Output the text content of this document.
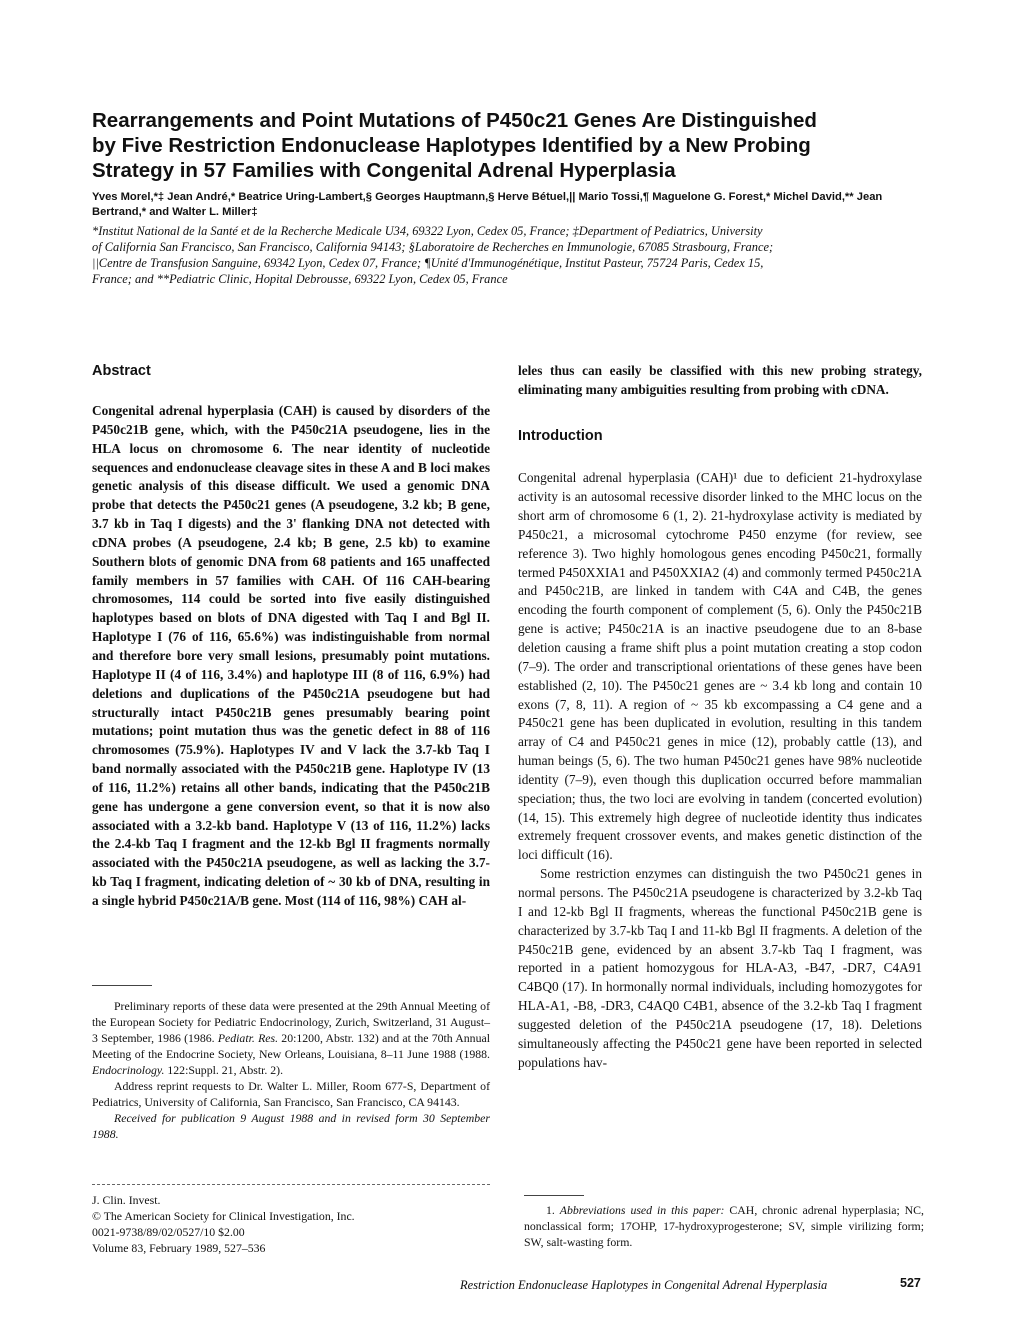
Rearrangements and Point Mutations of P450c21 Genes Are Distinguished
by Five Restriction Endonuclease Haplotypes Identified by a New Probing
Strategy in 57 Families with Congenital Adrenal Hyperplasia

Yves Morel,*‡ Jean André,* Beatrice Uring-Lambert,§ Georges Hauptmann,§ Herve Bétuel,|| Mario Tossi,¶ Maguelone G. Forest,* Michel David,** Jean Bertrand,* and Walter L. Miller‡

*Institut National de la Santé et de la Recherche Medicale U34, 69322 Lyon, Cedex 05, France; ‡Department of Pediatrics, University
of California San Francisco, San Francisco, California 94143; §Laboratoire de Recherches en Immunologie, 67085 Strasbourg, France;
||Centre de Transfusion Sanguine, 69342 Lyon, Cedex 07, France; ¶Unité d'Immunogénétique, Institut Pasteur, 75724 Paris, Cedex 15,
France; and **Pediatric Clinic, Hopital Debrousse, 69322 Lyon, Cedex 05, France
Abstract

Congenital adrenal hyperplasia (CAH) is caused by disorders of the P450c21B gene, which, with the P450c21A pseudogene, lies in the HLA locus on chromosome 6. The near identity of nucleotide sequences and endonuclease cleavage sites in these A and B loci makes genetic analysis of this disease difficult. We used a genomic DNA probe that detects the P450c21 genes (A pseudogene, 3.2 kb; B gene, 3.7 kb in Taq I digests) and the 3' flanking DNA not detected with cDNA probes (A pseudogene, 2.4 kb; B gene, 2.5 kb) to examine Southern blots of genomic DNA from 68 patients and 165 unaffected family members in 57 families with CAH. Of 116 CAH-bearing chromosomes, 114 could be sorted into five easily distinguished haplotypes based on blots of DNA digested with Taq I and Bgl II. Haplotype I (76 of 116, 65.6%) was indistinguishable from normal and therefore bore very small lesions, presumably point mutations. Haplotype II (4 of 116, 3.4%) and haplotype III (8 of 116, 6.9%) had deletions and duplications of the P450c21A pseudogene but had structurally intact P450c21B genes presumably bearing point mutations; point mutation thus was the genetic defect in 88 of 116 chromosomes (75.9%). Haplotypes IV and V lack the 3.7-kb Taq I band normally associated with the P450c21B gene. Haplotype IV (13 of 116, 11.2%) retains all other bands, indicating that the P450c21B gene has undergone a gene conversion event, so that it is now also associated with a 3.2-kb band. Haplotype V (13 of 116, 11.2%) lacks the 2.4-kb Taq I fragment and the 12-kb Bgl II fragments normally associated with the P450c21A pseudogene, as well as lacking the 3.7-kb Taq I fragment, indicating deletion of ~ 30 kb of DNA, resulting in a single hybrid P450c21A/B gene. Most (114 of 116, 98%) CAH al-

Preliminary reports of these data were presented at the 29th Annual Meeting of the European Society for Pediatric Endocrinology, Zurich, Switzerland, 31 August–3 September, 1986 (1986. Pediatr. Res. 20:1200, Abstr. 132) and at the 70th Annual Meeting of the Endocrine Society, New Orleans, Louisiana, 8–11 June 1988 (1988. Endocrinology. 122:Suppl. 21, Abstr. 2).

Address reprint requests to Dr. Walter L. Miller, Room 677-S, Department of Pediatrics, University of California, San Francisco, San Francisco, CA 94143.

Received for publication 9 August 1988 and in revised form 30 September 1988.

J. Clin. Invest.
© The American Society for Clinical Investigation, Inc.
0021-9738/89/02/0527/10 $2.00
Volume 83, February 1989, 527–536

leles thus can easily be classified with this new probing strategy, eliminating many ambiguities resulting from probing with cDNA.

Introduction

Congenital adrenal hyperplasia (CAH)¹ due to deficient 21-hydroxylase activity is an autosomal recessive disorder linked to the MHC locus on the short arm of chromosome 6 (1, 2). 21-hydroxylase activity is mediated by P450c21, a microsomal cytochrome P450 enzyme (for review, see reference 3). Two highly homologous genes encoding P450c21, formally termed P450XXIA1 and P450XXIA2 (4) and commonly termed P450c21A and P450c21B, are linked in tandem with C4A and C4B, the genes encoding the fourth component of complement (5, 6). Only the P450c21B gene is active; P450c21A is an inactive pseudogene due to an 8-base deletion causing a frame shift plus a point mutation creating a stop codon (7–9). The order and transcriptional orientations of these genes have been established (2, 10). The P450c21 genes are ~ 3.4 kb long and contain 10 exons (7, 8, 11). A region of ~ 35 kb excompassing a C4 gene and a P450c21 gene has been duplicated in evolution, resulting in this tandem array of C4 and P450c21 genes in mice (12), probably cattle (13), and human beings (5, 6). The two human P450c21 genes have 98% nucleotide identity (7–9), even though this duplication occurred before mammalian speciation; thus, the two loci are evolving in tandem (concerted evolution) (14, 15). This extremely high degree of nucleotide identity thus indicates extremely frequent crossover events, and makes genetic distinction of the loci difficult (16).

Some restriction enzymes can distinguish the two P450c21 genes in normal persons. The P450c21A pseudogene is characterized by 3.2-kb Taq I and 12-kb Bgl II fragments, whereas the functional P450c21B gene is characterized by 3.7-kb Taq I and 11-kb Bgl II fragments. A deletion of the P450c21B gene, evidenced by an absent 3.7-kb Taq I fragment, was reported in a patient homozygous for HLA-A3, -B47, -DR7, C4A91 C4BQ0 (17). In hormonally normal individuals, including homozygotes for HLA-A1, -B8, -DR3, C4AQ0 C4B1, absence of the 3.2-kb Taq I fragment suggested deletion of the P450c21A pseudogene (17, 18). Deletions simultaneously affecting the P450c21 gene have been reported in selected populations hav-

1. Abbreviations used in this paper: CAH, chronic adrenal hyperplasia; NC, nonclassical form; 17OHP, 17-hydroxyprogesterone; SV, simple virilizing form; SW, salt-wasting form.

Restriction Endonuclease Haplotypes in Congenital Adrenal Hyperplasia	527
